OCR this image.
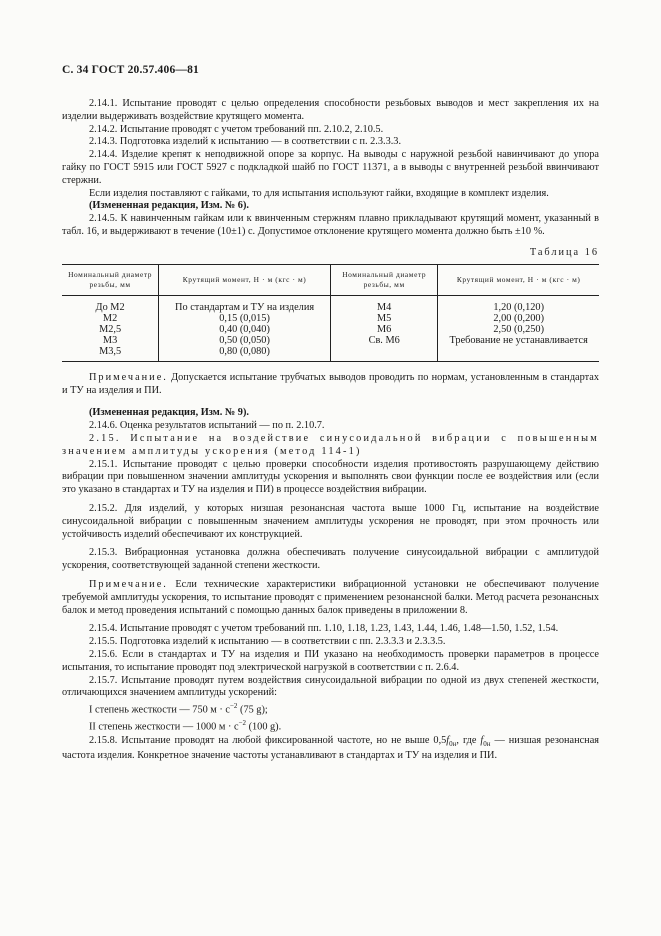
С. 34 ГОСТ 20.57.406—81

2.14.1. Испытание проводят с целью определения способности резьбовых выводов и мест закрепления их на изделии выдерживать воздействие крутящего момента.

2.14.2. Испытание проводят с учетом требований пп. 2.10.2, 2.10.5.

2.14.3. Подготовка изделий к испытанию — в соответствии с п. 2.3.3.3.

2.14.4. Изделие крепят к неподвижной опоре за корпус. На выводы с наружной резьбой навинчивают до упора гайку по ГОСТ 5915 или ГОСТ 5927 с подкладкой шайб по ГОСТ 11371, а в выводы с внутренней резьбой ввинчивают стержни.

Если изделия поставляют с гайками, то для испытания используют гайки, входящие в комплект изделия.

(Измененная редакция, Изм. № 6).

2.14.5. К навинченным гайкам или к ввинченным стержням плавно прикладывают крутящий момент, указанный в табл. 16, и выдерживают в течение (10±1) с. Допустимое отклонение крутящего момента должно быть ±10 %.

Таблица 16
Номинальный диаметр резьбы, мм	Крутящий момент, Н · м (кгс · м)	Номинальный диаметр резьбы, мм	Крутящий момент, Н · м (кгс · м)
До М2	По стандартам и ТУ на изделия	М4	1,20 (0,120)
М2	0,15 (0,015)	М5	2,00 (0,200)
М2,5	0,40 (0,040)	М6	2,50 (0,250)
М3	0,50 (0,050)	Св. М6	Требование не устанавливается
М3,5	0,80 (0,080)		

Примечание. Допускается испытание трубчатых выводов проводить по нормам, установленным в стандартах и ТУ на изделия и ПИ.

(Измененная редакция, Изм. № 9).

2.14.6. Оценка результатов испытаний — по п. 2.10.7.

2.15. Испытание на воздействие синусоидальной вибрации с повышенным значением амплитуды ускорения (метод 114-1)

2.15.1. Испытание проводят с целью проверки способности изделия противостоять разрушающему действию вибрации при повышенном значении амплитуды ускорения и выполнять свои функции после ее воздействия или (если это указано в стандартах и ТУ на изделия и ПИ) в процессе воздействия вибрации.

2.15.2. Для изделий, у которых низшая резонансная частота выше 1000 Гц, испытание на воздействие синусоидальной вибрации с повышенным значением амплитуды ускорения не проводят, при этом прочность или устойчивость изделий обеспечивают их конструкцией.

2.15.3. Вибрационная установка должна обеспечивать получение синусоидальной вибрации с амплитудой ускорения, соответствующей заданной степени жесткости.

Примечание. Если технические характеристики вибрационной установки не обеспечивают получение требуемой амплитуды ускорения, то испытание проводят с применением резонансной балки. Метод расчета резонансных балок и метод проведения испытаний с помощью данных балок приведены в приложении 8.

2.15.4. Испытание проводят с учетом требований пп. 1.10, 1.18, 1.23, 1.43, 1.44, 1.46, 1.48—1.50, 1.52, 1.54.

2.15.5. Подготовка изделий к испытанию — в соответствии с пп. 2.3.3.3 и 2.3.3.5.

2.15.6. Если в стандартах и ТУ на изделия и ПИ указано на необходимость проверки параметров в процессе испытания, то испытание проводят под электрической нагрузкой в соответствии с п. 2.6.4.

2.15.7. Испытание проводят путем воздействия синусоидальной вибрации по одной из двух степеней жесткости, отличающихся значением амплитуды ускорений:

I степень жесткости — 750 $м \cdot с^{-2}$ (75 g);

II степень жесткости — 1000 $м \cdot с^{-2}$ (100 g).

2.15.8. Испытание проводят на любой фиксированной частоте, но не выше $0,5f_{0н}$, где $f_{0н}$ — низшая резонансная частота изделия. Конкретное значение частоты устанавливают в стандартах и ТУ на изделия и ПИ.
